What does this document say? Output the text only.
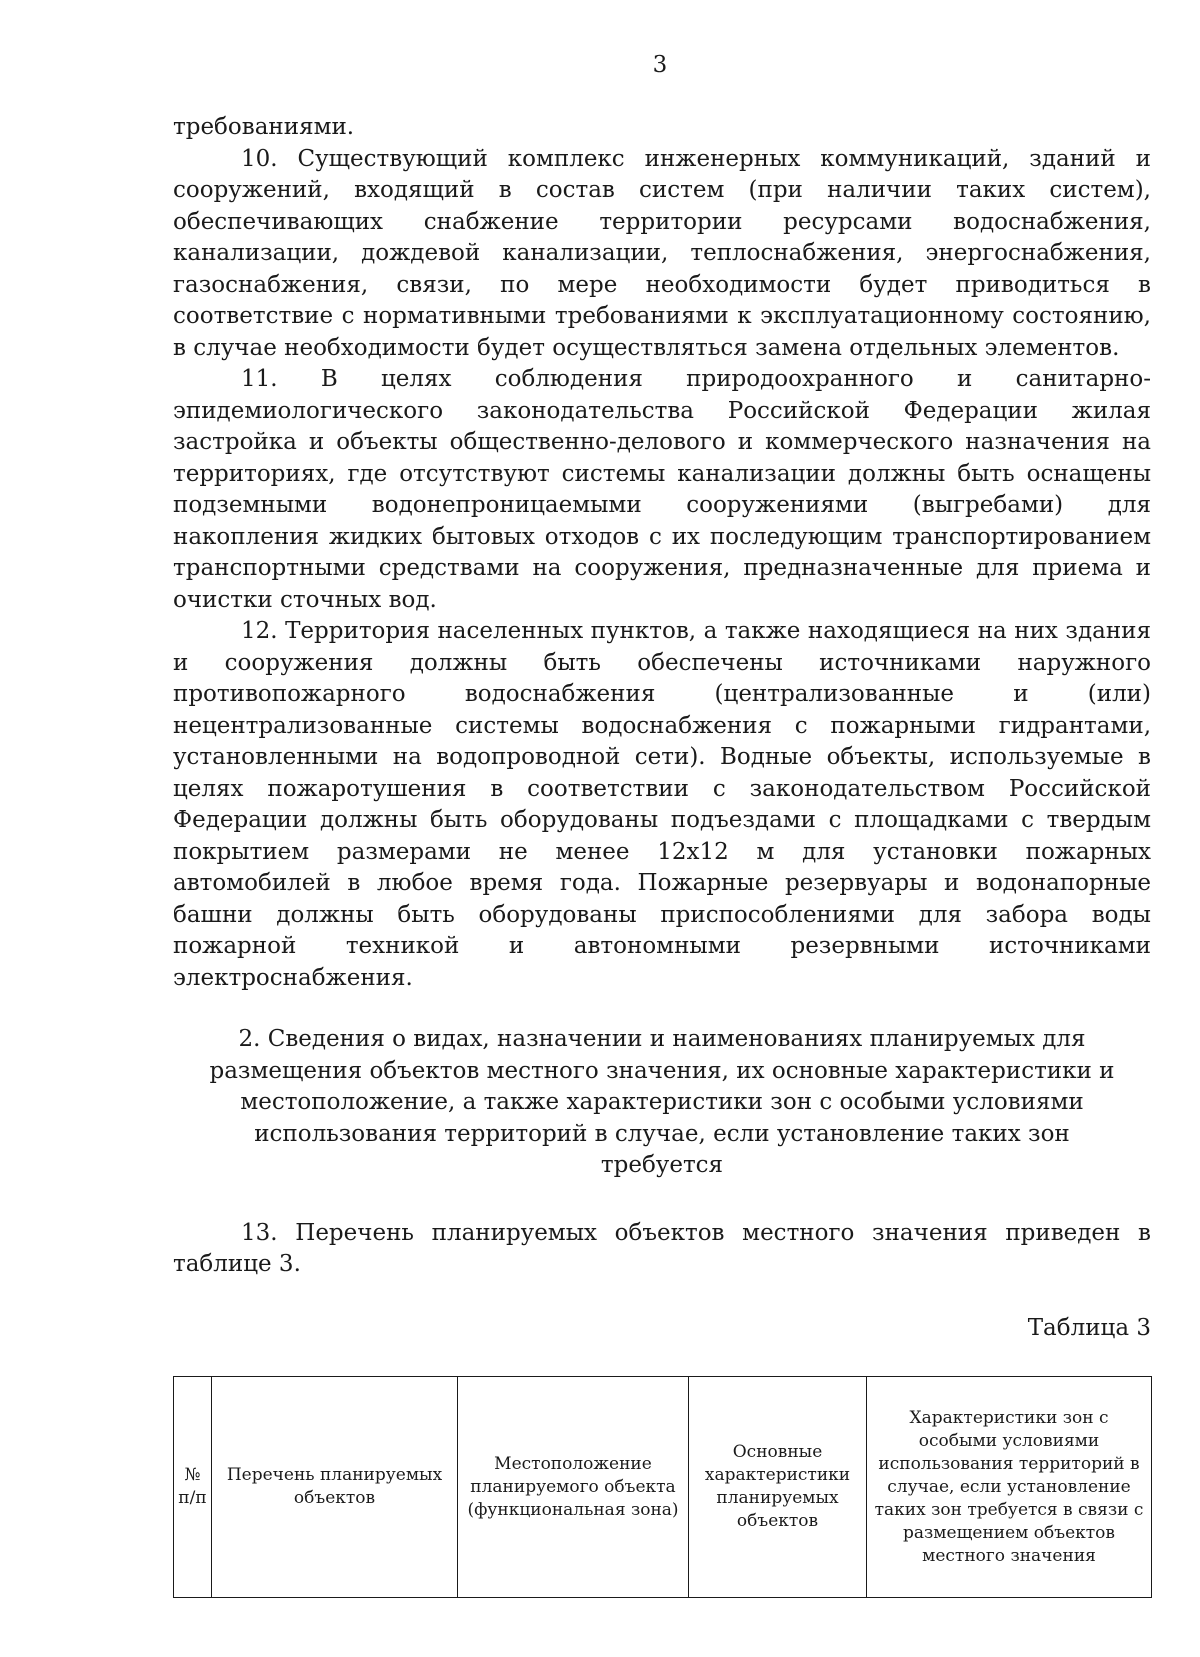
3

требованиями.

10. Существующий комплекс инженерных коммуникаций, зданий и сооружений, входящий в состав систем (при наличии таких систем), обеспечивающих снабжение территории ресурсами водоснабжения, канализации, дождевой канализации, теплоснабжения, энергоснабжения, газоснабжения, связи, по мере необходимости будет приводиться в соответствие с нормативными требованиями к эксплуатационному состоянию, в случае необходимости будет осуществляться замена отдельных элементов.

11. В целях соблюдения природоохранного и санитарно-эпидемиологического законодательства Российской Федерации жилая застройка и объекты общественно-делового и коммерческого назначения на территориях, где отсутствуют системы канализации должны быть оснащены подземными водонепроницаемыми сооружениями (выгребами) для накопления жидких бытовых отходов с их последующим транспортированием транспортными средствами на сооружения, предназначенные для приема и очистки сточных вод.

12. Территория населенных пунктов, а также находящиеся на них здания и сооружения должны быть обеспечены источниками наружного противопожарного водоснабжения (централизованные и (или) нецентрализованные системы водоснабжения с пожарными гидрантами, установленными на водопроводной сети). Водные объекты, используемые в целях пожаротушения в соответствии с законодательством Российской Федерации должны быть оборудованы подъездами с площадками с твердым покрытием размерами не менее 12x12 м для установки пожарных автомобилей в любое время года. Пожарные резервуары и водонапорные башни должны быть оборудованы приспособлениями для забора воды пожарной техникой и автономными резервными источниками электроснабжения.

2. Сведения о видах, назначении и наименованиях планируемых для размещения объектов местного значения, их основные характеристики и местоположение, а также характеристики зон с особыми условиями использования территорий в случае, если установление таких зон требуется

13. Перечень планируемых объектов местного значения приведен в таблице 3.

Таблица 3

№ п/п	Перечень планируемых объектов	Местоположение планируемого объекта (функциональная зона)	Основные характеристики планируемых объектов	Характеристики зон с особыми условиями использования территорий в случае, если установление таких зон требуется в связи с размещением объектов местного значения
